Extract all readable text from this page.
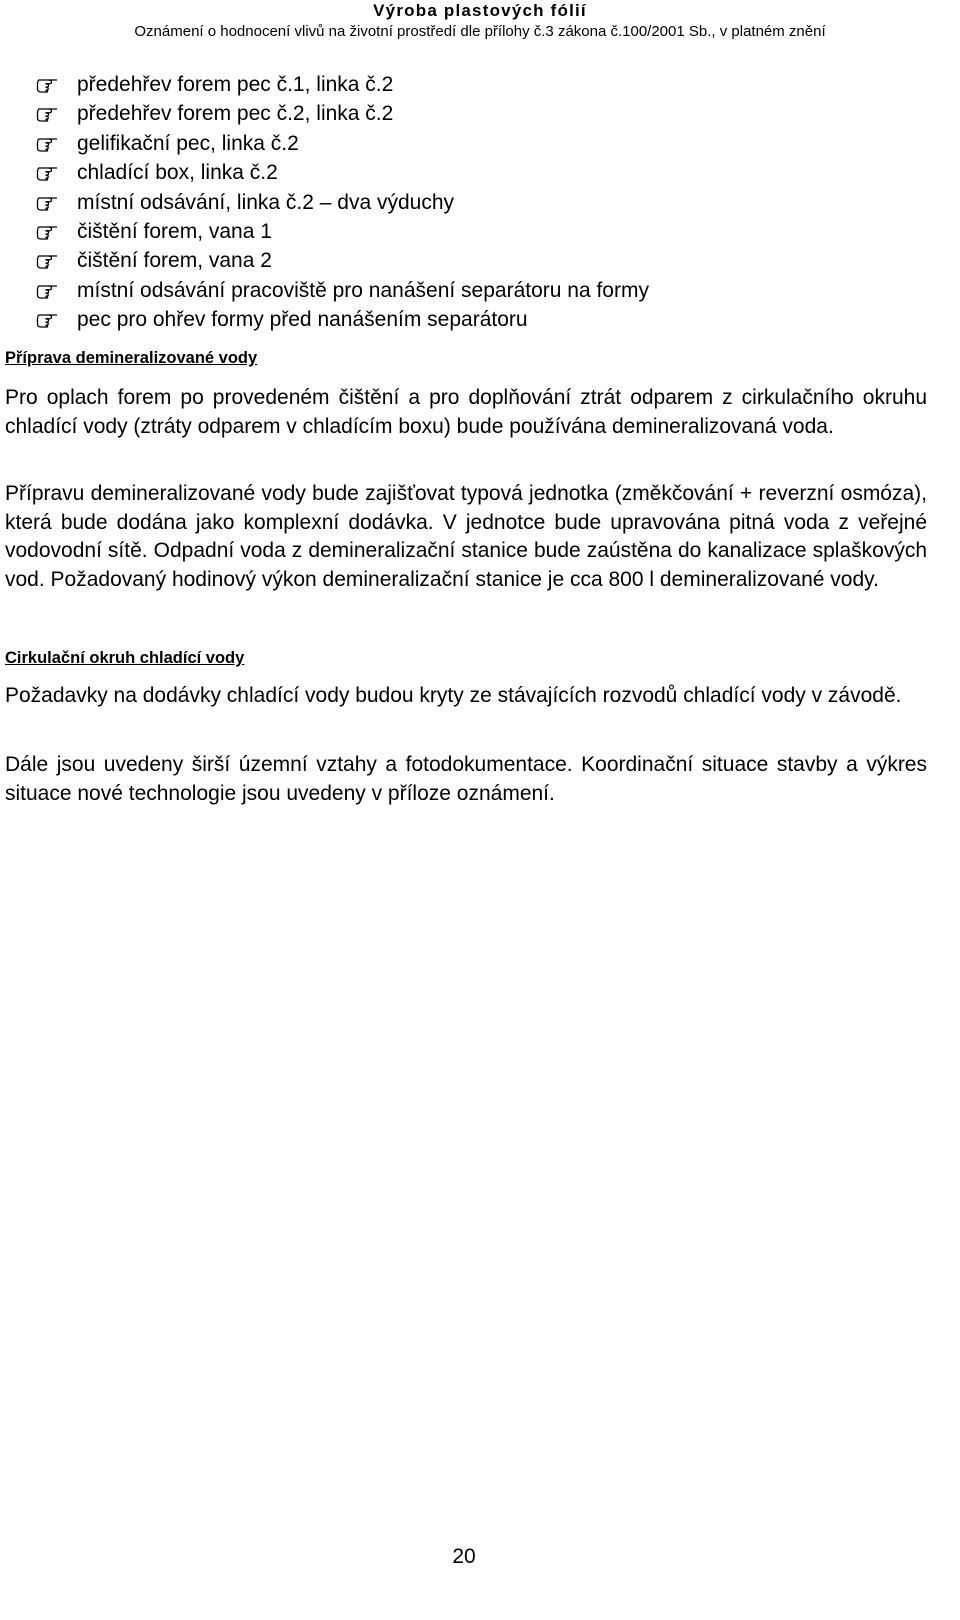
Výroba plastových fólií
Oznámení o hodnocení vlivů na životní prostředí dle přílohy č.3 zákona č.100/2001 Sb., v platném znění
předehřev forem pec č.1, linka č.2
předehřev forem pec č.2, linka č.2
gelifikační pec, linka č.2
chladící box, linka č.2
místní odsávání, linka č.2 – dva výduchy
čištění forem, vana 1
čištění forem, vana 2
místní odsávání pracoviště pro nanášení separátoru na formy
pec pro ohřev formy před nanášením separátoru
Příprava demineralizované vody

Pro oplach forem po provedeném čištění a pro doplňování ztrát odparem z cirkulačního okruhu chladící vody (ztráty odparem v chladícím boxu) bude používána demineralizovaná voda.

Přípravu demineralizované vody bude zajišťovat typová jednotka (změkčování + reverzní osmóza), která bude dodána jako komplexní dodávka. V jednotce bude upravována pitná voda z veřejné vodovodní sítě. Odpadní voda z demineralizační stanice bude zaústěna do kanalizace splaškových vod. Požadovaný hodinový výkon demineralizační stanice je cca 800 l demineralizované vody.

Cirkulační okruh chladící vody

Požadavky na dodávky chladící vody budou kryty ze stávajících rozvodů chladící vody v závodě.

Dále jsou uvedeny širší územní vztahy a fotodokumentace. Koordinační situace stavby a výkres situace nové technologie jsou uvedeny v příloze oznámení.

20
